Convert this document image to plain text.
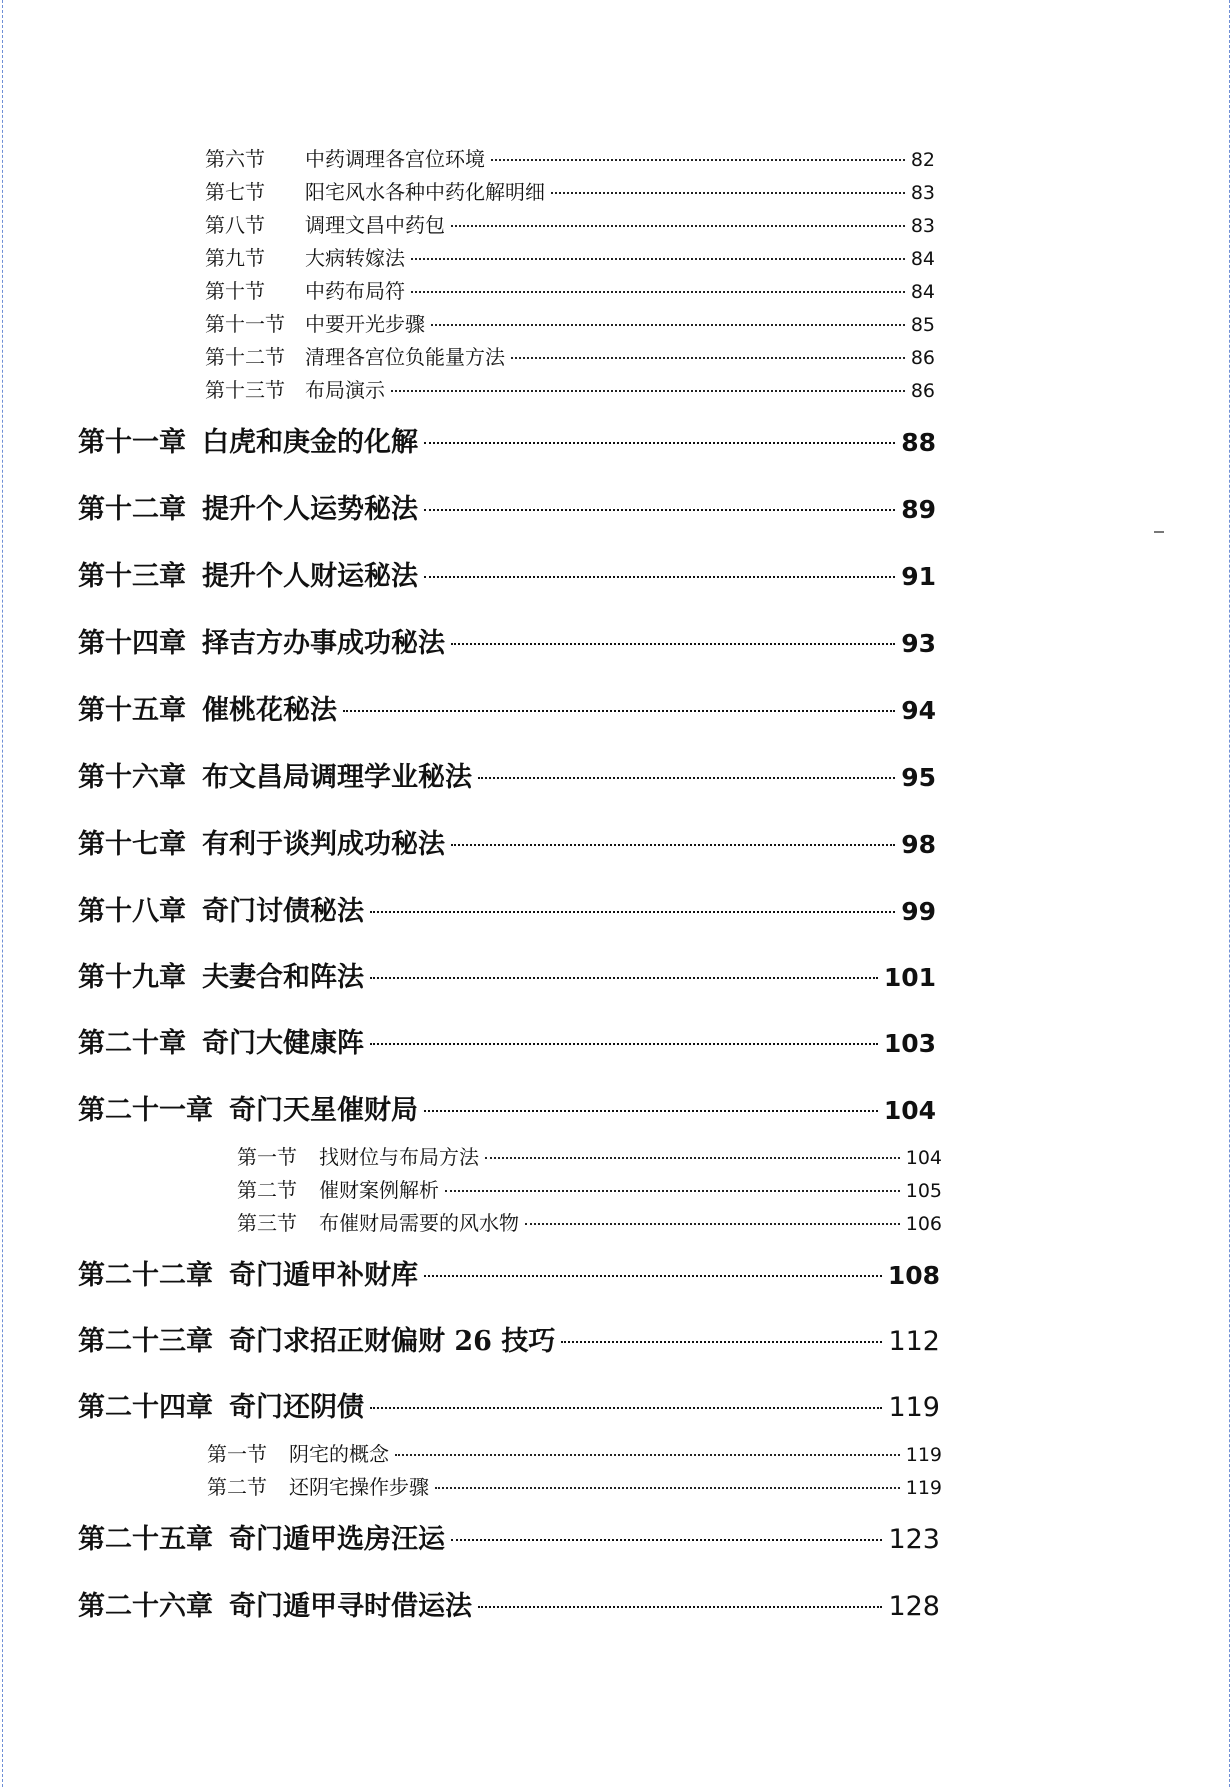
第六节	中药调理各宫位环境	82
第七节	阳宅风水各种中药化解明细	83
第八节	调理文昌中药包	83
第九节	大病转嫁法	84
第十节	中药布局符	84
第十一节	中要开光步骤	85
第十二节	清理各宫位负能量方法	86
第十三节	布局演示	86
第十一章 白虎和庚金的化解	88
第十二章 提升个人运势秘法	89
第十三章 提升个人财运秘法	91
第十四章 择吉方办事成功秘法	93
第十五章 催桃花秘法	94
第十六章 布文昌局调理学业秘法	95
第十七章 有利于谈判成功秘法	98
第十八章 奇门讨债秘法	99
第十九章 夫妻合和阵法	101
第二十章 奇门大健康阵	103
第二十一章 奇门天星催财局	104
第一节	找财位与布局方法	104
第二节	催财案例解析	105
第三节	布催财局需要的风水物	106
第二十二章 奇门遁甲补财库	108
第二十三章 奇门求招正财偏财 26 技巧	112
第二十四章 奇门还阴债	119
第一节	阴宅的概念	119
第二节	还阴宅操作步骤	119
第二十五章 奇门遁甲选房汪运	123
第二十六章 奇门遁甲寻时借运法	128
